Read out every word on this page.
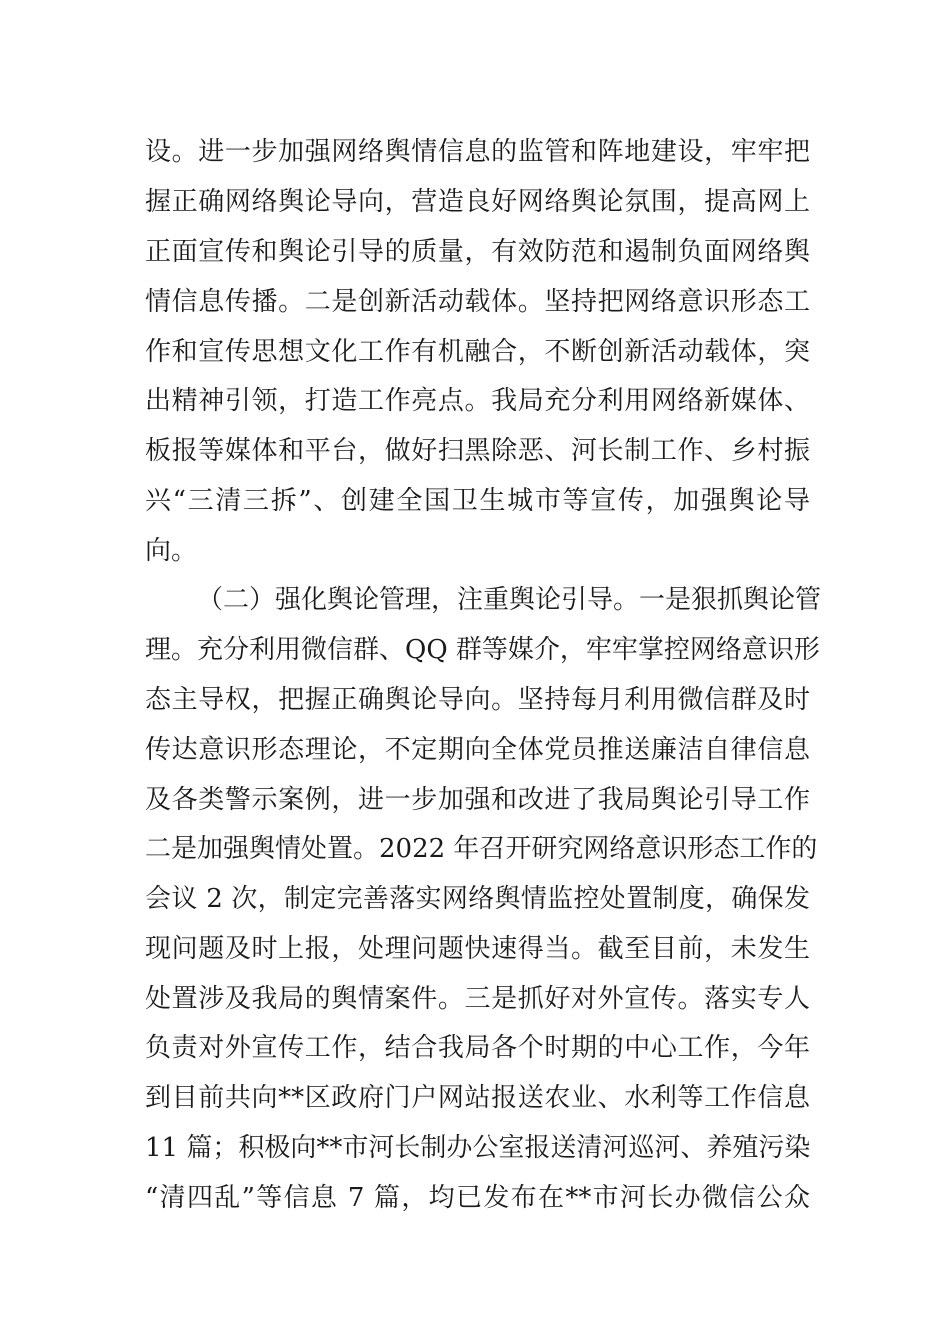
设。进一步加强网络舆情信息的监管和阵地建设，牢牢把
握正确网络舆论导向，营造良好网络舆论氛围，提高网上
正面宣传和舆论引导的质量，有效防范和遏制负面网络舆
情信息传播。二是创新活动载体。坚持把网络意识形态工
作和宣传思想文化工作有机融合，不断创新活动载体，突
出精神引领，打造工作亮点。我局充分利用网络新媒体、
板报等媒体和平台，做好扫黑除恶、河长制工作、乡村振
兴“三清三拆”、创建全国卫生城市等宣传，加强舆论导
向。
（二）强化舆论管理，注重舆论引导。一是狠抓舆论管
理。充分利用微信群、QQ 群等媒介，牢牢掌控网络意识形
态主导权，把握正确舆论导向。坚持每月利用微信群及时
传达意识形态理论，不定期向全体党员推送廉洁自律信息
及各类警示案例，进一步加强和改进了我局舆论引导工作
二是加强舆情处置。2022 年召开研究网络意识形态工作的
会议 2 次，制定完善落实网络舆情监控处置制度，确保发
现问题及时上报，处理问题快速得当。截至目前，未发生
处置涉及我局的舆情案件。三是抓好对外宣传。落实专人
负责对外宣传工作，结合我局各个时期的中心工作，今年
到目前共向**区政府门户网站报送农业、水利等工作信息
11 篇；积极向**市河长制办公室报送清河巡河、养殖污染
“清四乱”等信息 7 篇，均已发布在**市河长办微信公众
